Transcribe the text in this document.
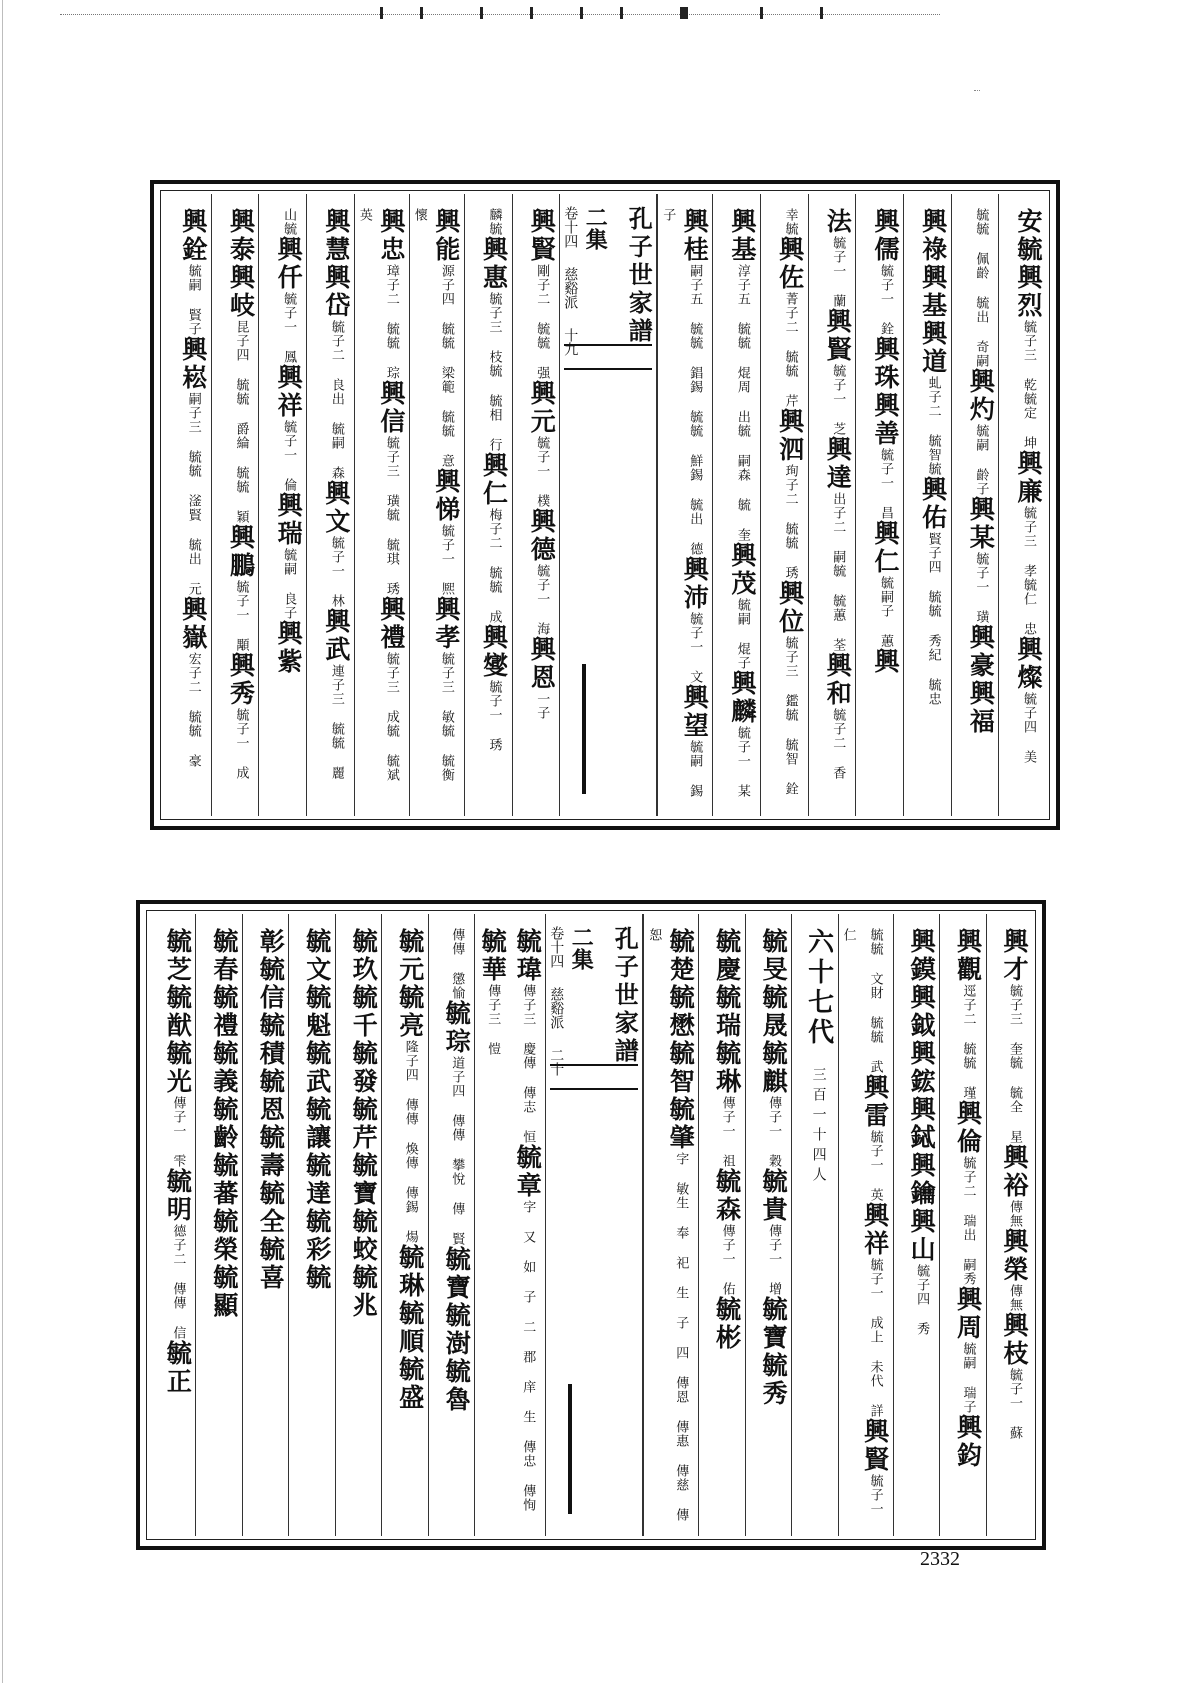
安毓興烈毓子三 乾毓定 坤興廉毓子三 孝毓仁 忠興燦毓子四 美
毓毓 佩齡 毓出 奇嗣興灼毓嗣 齡子興某毓子一 璜興豪興福
興祿興基興道虬子二 毓智毓興佑賢子四 毓毓 秀紀 毓忠
興儒毓子一 銓興珠興善毓子一 昌興仁毓嗣子 蕙興
法毓子一 蘭興賢毓子一 芝興達出子二 嗣毓 毓蕙 荃興和毓子二 香
幸毓興佐菁子二 毓毓 芹興泗珣子二 毓毓 琇興位毓子三 鑑毓 毓智 銓
興基淳子五 毓毓 焜周 出毓 嗣森 毓 奎興茂毓嗣 焜子興麟毓子一 某
興桂嗣子五 毓毓 錩錫 毓毓 鮮錫 毓出 德興沛毓子一 文興望毓嗣 錫子
孔子世家譜
二集
卷十四 慈谿派 十九
興賢剛子二 毓毓 强興元毓子一 樸興德毓子一 海興恩一子
麟毓興惠毓子三 枝毓 毓相 行興仁梅子二 毓毓 成興燮毓子一 琇
興能源子四 毓毓 梁範 毓毓 意興悌毓子一 熈興孝毓子三 敏毓 毓衡 懷
興忠璋子二 毓毓 琮興信毓子三 璜毓 毓琪 琇興禮毓子三 成毓 毓斌 英
興慧興岱毓子二 良出 毓嗣 森興文毓子一 林興武連子三 毓毓 麗
山毓興仟毓子一 鳳興祥毓子一 倫興瑞毓嗣 良子興紫
興泰興岐昆子四 毓毓 爵綸 毓毓 穎興鵬毓子一 顒興秀毓子一 成
興銓毓嗣 賢子興崧嗣子三 毓毓 滏賢 毓出 元興嶽宏子二 毓毓 豪
興才毓子三 奎毓 毓全 星興裕傳無興榮傳無興枝毓子一 蘇
興觀逕子二 毓毓 瑾興倫毓子二 瑞出 嗣秀興周毓嗣 瑞子興鈞
興鏌興鉞興鋐興鋱興鑰興山毓子四 秀
毓毓 文財 毓毓 武興雷毓子一 英興祥毓子一 成上 未代 詳興賢毓子一 仁
六十七代 三百一十四人
毓旻毓晟毓麒傳子一 穀毓貴傳子一 增毓寶毓秀
毓慶毓瑞毓琳傳子一 祖毓森傳子一 佑毓彬
毓楚毓懋毓智毓肇字 敏生 奉 祀 生 子 四 傳恩 傳惠 傳慈 傳恕
孔子世家譜
二集
卷十四 慈谿派 二十
毓瑋傳子三 慶傳 傳志 恒毓章字 又 如 子 二 郡 庠 生 傳忠 傳恂毓華傳子三 愷
傳傳 懲愉毓琮道子四 傳傳 攀悅 傳 賢毓寶毓澍毓魯
毓元毓亮隆子四 傳傳 煥傳 傳錫 煬毓琳毓順毓盛
毓玖毓千毓發毓芹毓寶毓蛟毓兆
毓文毓魁毓武毓讓毓達毓彩毓
彰毓信毓積毓恩毓壽毓全毓喜
毓春毓禮毓義毓齡毓蕃毓榮毓顯
毓芝毓猷毓光傳子一 雫毓明德子二 傳傳 信毓正
2332
